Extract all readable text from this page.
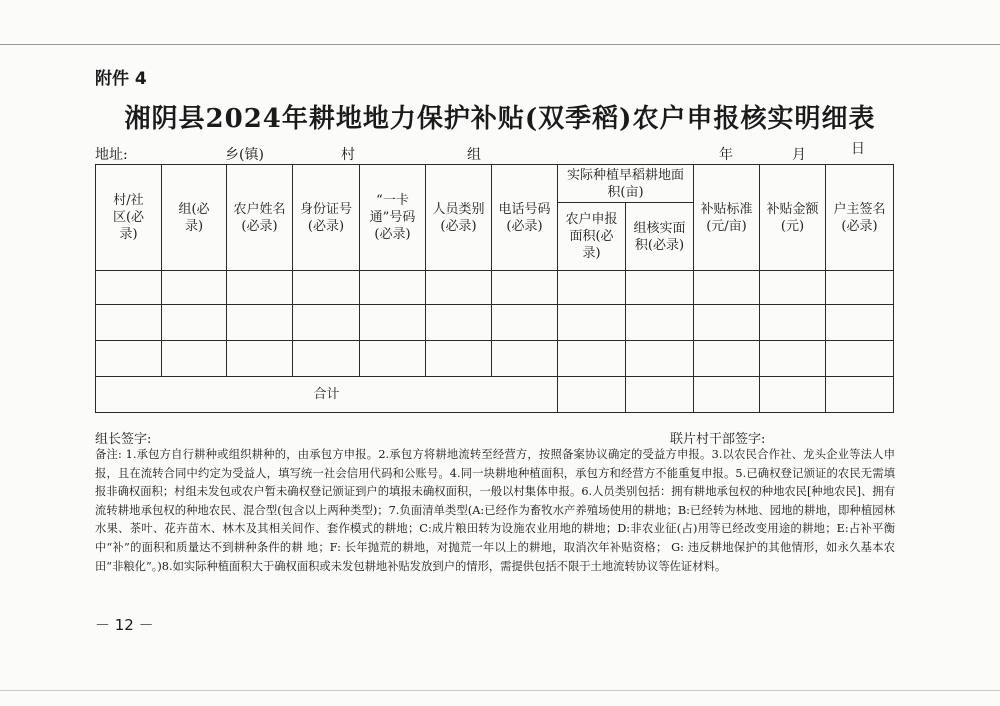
附件 4
湘阴县2024年耕地地力保护补贴(双季稻)农户申报核实明细表
地址:	乡(镇)	村	组	年	月	日
村/社区(必录)	组(必录)	农户姓名(必录)	身份证号(必录)	“一卡通”号码(必录)	人员类别(必录)	电话号码(必录)	实际种植早稻耕地面积(亩)		补贴标准(元/亩)	补贴金额(元)	户主签名(必录)
							农户申报面积(必录)	组核实面积(必录)			

合计											
组长签字:	联片村干部签字:
备注: 1.承包方自行耕种或组织耕种的，由承包方申报。2.承包方将耕地流转至经营方，按照备案协议确定的受益方申报。3.以农民合作社、龙头企业等法人申报，且在流转合同中约定为受益人，填写统一社会信用代码和公账号。4.同一块耕地种植面积，承包方和经营方不能重复申报。5.已确权登记颁证的农民无需填报非确权面积；村组未发包或农户暂未确权登记颁证到户的填报未确权面积，一般以村集体申报。6.人员类别包括：拥有耕地承包权的种地农民[种地农民]、拥有流转耕地承包权的种地农民、混合型(包含以上两种类型)；7.负面清单类型(A:已经作为畜牧水产养殖场使用的耕地；B:已经转为林地、园地的耕地，即种植园林水果、茶叶、花卉苗木、林木及其相关间作、套作模式的耕地；C:成片粮田转为设施农业用地的耕地；D:非农业征(占)用等已经改变用途的耕地；E:占补平衡中“补”的面积和质量达不到耕种条件的耕 地；F: 长年抛荒的耕地，对抛荒一年以上的耕地，取消次年补贴资格； G: 违反耕地保护的其他情形，如永久基本农田“非粮化”。)8.如实际种植面积大于确权面积或未发包耕地补贴发放到户的情形，需提供包括不限于土地流转协议等佐证材料。
－ 12 －
